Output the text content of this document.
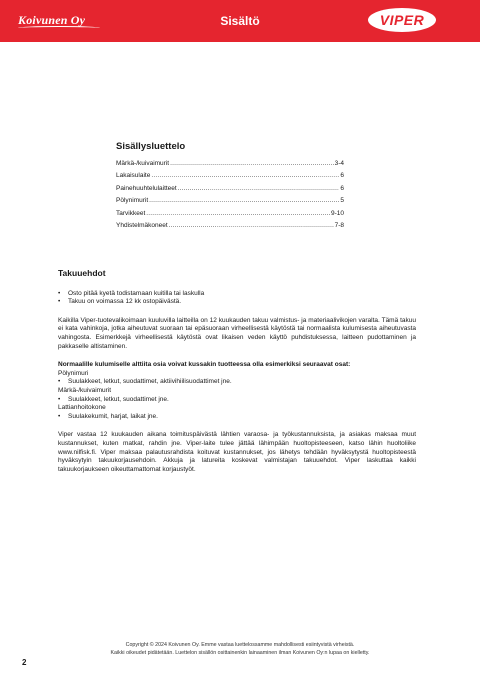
Koivunen Oy	Sisältö	VIPER
Sisällysluettelo
Märkä-/kuivaimurit .....	3-4
Lakaisulaite .....	6
Painehuuhtelulaitteet .....	6
Pölynimurit .....	5
Tarvikkeet .....	9-10
Yhdistelmäkoneet .....	7-8
Takuuehdot
•	Osto pitää kyetä todistamaan kuitilla tai laskulla
•	Takuu on voimassa 12 kk ostopäivästä.

Kaikilla Viper-tuotevalikoimaan kuuluvilla laitteilla on 12 kuukauden takuu valmistus- ja materiaalivikojen varalta. Tämä takuu ei kata vahinkoja, jotka aiheutuvat suoraan tai epäsuoraan virheellisestä käytöstä tai normaalista kulumisesta aiheutuvasta vahingosta. Esimerkkejä virheellisestä käytöstä ovat likaisen veden käyttö puhdistuksessa, laitteen pudottaminen ja pakkaselle altistaminen.

Normaalille kulumiselle alttiita osia voivat kussakin tuotteessa olla esimerkiksi seuraavat osat:
Pölynimuri
•	Suulakkeet, letkut, suodattimet, aktiivihiilisuodattimet jne.
Märkä-/kuivaimurit
•	Suulakkeet, letkut, suodattimet jne.
Lattianhoitokone
•	Suulakekumit, harjat, laikat jne.

Viper vastaa 12 kuukauden aikana toimituspäivästä lähtien varaosa- ja työkustannuksista, ja asiakas maksaa muut kustannukset, kuten matkat, rahdin jne. Viper-laite tulee jättää lähimpään huoltopisteeseen, katso lähin huoltoliike www.nilfisk.fi. Viper maksaa palautusrahdista koituvat kustannukset, jos lähetys tehdään hyväksytystä huoltopisteestä hyväksytyin takuukorjausehdoin. Akkuja ja latureita koskevat valmistajan takuuehdot. Viper laskuttaa kaikki takuukorjaukseen oikeuttamattomat korjaustyöt.

Copyright © 2024 Koivunen Oy. Emme vastaa luettelossamme mahdollisesti esiintyvistä virheistä.
Kaikki oikeudet pidätetään. Luettelon sisällön osittainenkin lainaaminen ilman Koivunen Oy:n lupaa on kielletty.
2
